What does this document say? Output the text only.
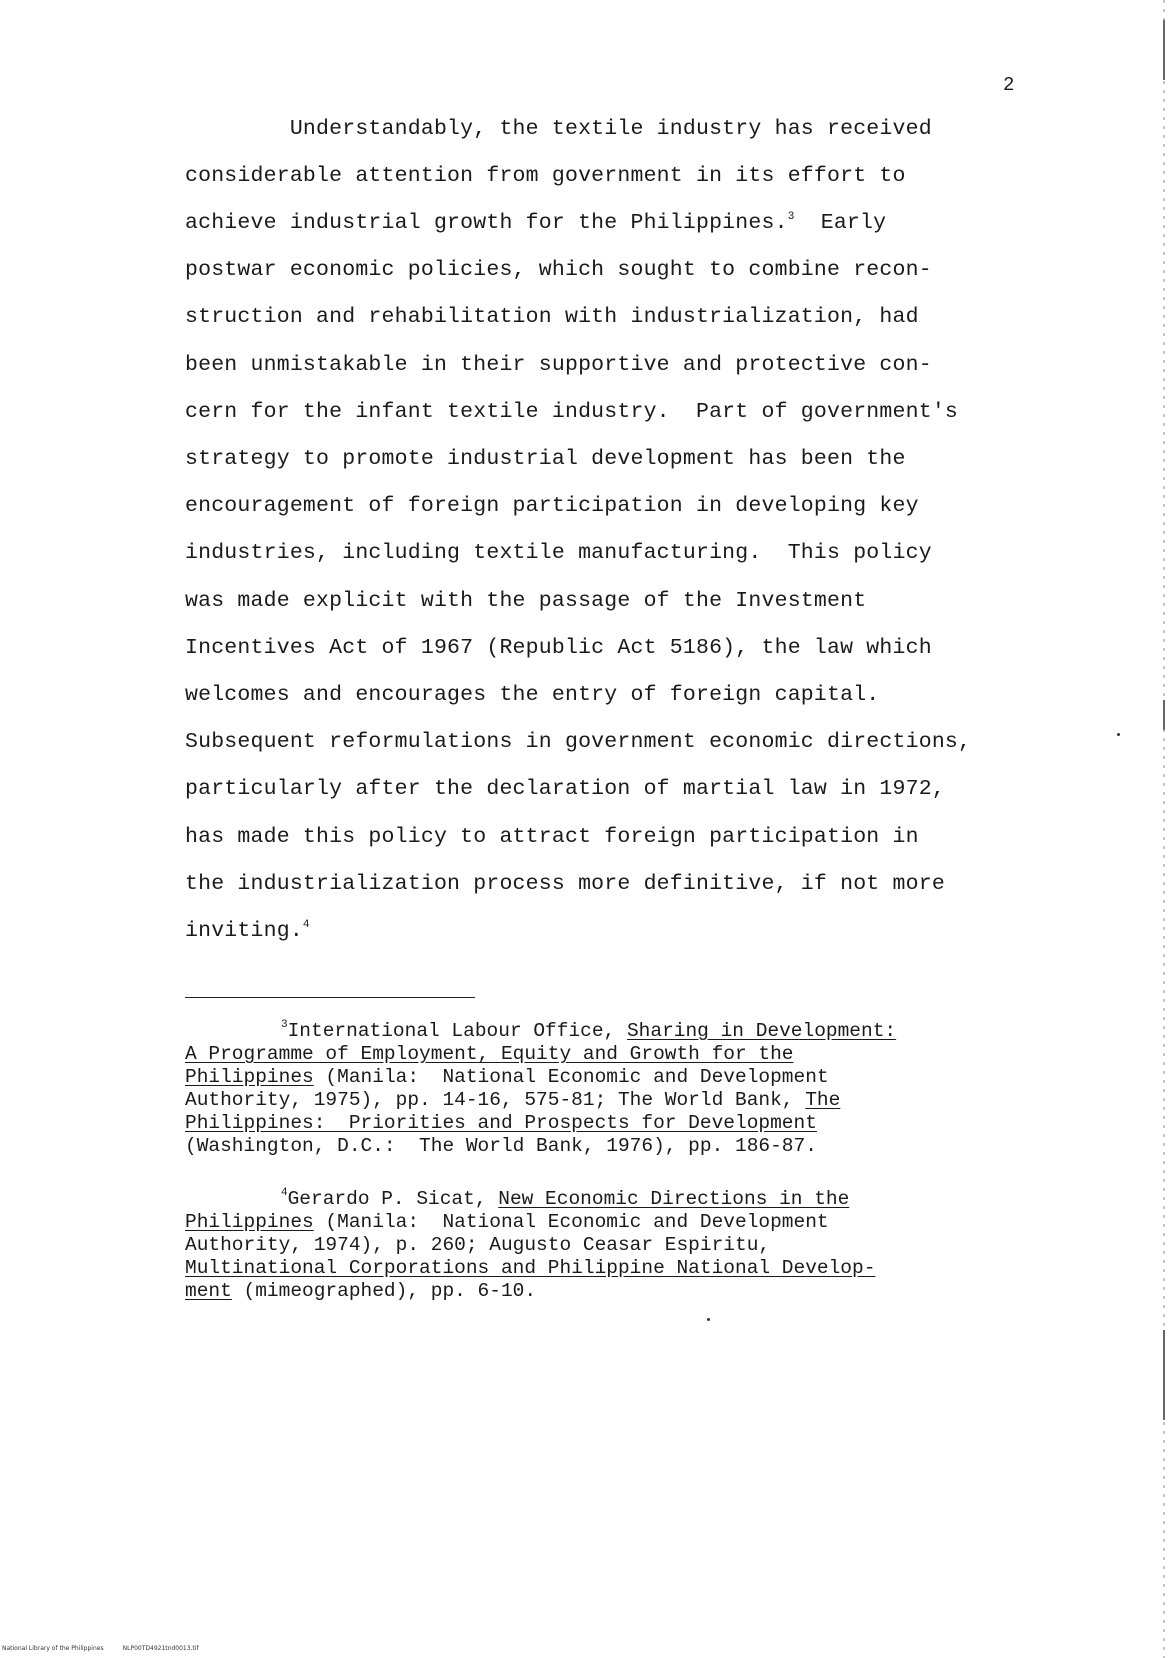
2
Understandably, the textile industry has received
considerable attention from government in its effort to
achieve industrial growth for the Philippines.$^3$  Early
postwar economic policies, which sought to combine recon-
struction and rehabilitation with industrialization, had
been unmistakable in their supportive and protective con-
cern for the infant textile industry.  Part of government's
strategy to promote industrial development has been the
encouragement of foreign participation in developing key
industries, including textile manufacturing.  This policy
was made explicit with the passage of the Investment
Incentives Act of 1967 (Republic Act 5186), the law which
welcomes and encourages the entry of foreign capital.
Subsequent reformulations in government economic directions,
particularly after the declaration of martial law in 1972,
has made this policy to attract foreign participation in
the industrialization process more definitive, if not more
inviting.$^4$
$^3$International Labour Office, Sharing in Development:
A Programme of Employment, Equity and Growth for the
Philippines (Manila:  National Economic and Development
Authority, 1975), pp. 14-16, 575-81; The World Bank, The
Philippines:  Priorities and Prospects for Development
(Washington, D.C.:  The World Bank, 1976), pp. 186-87.
$^4$Gerardo P. Sicat, New Economic Directions in the
Philippines (Manila:  National Economic and Development
Authority, 1974), p. 260; Augusto Ceasar Espiritu,
Multinational Corporations and Philippine National Develop-
ment (mimeographed), pp. 6-10.
National Library of the Philippines	NLP00TD4921tnd0013.tif
